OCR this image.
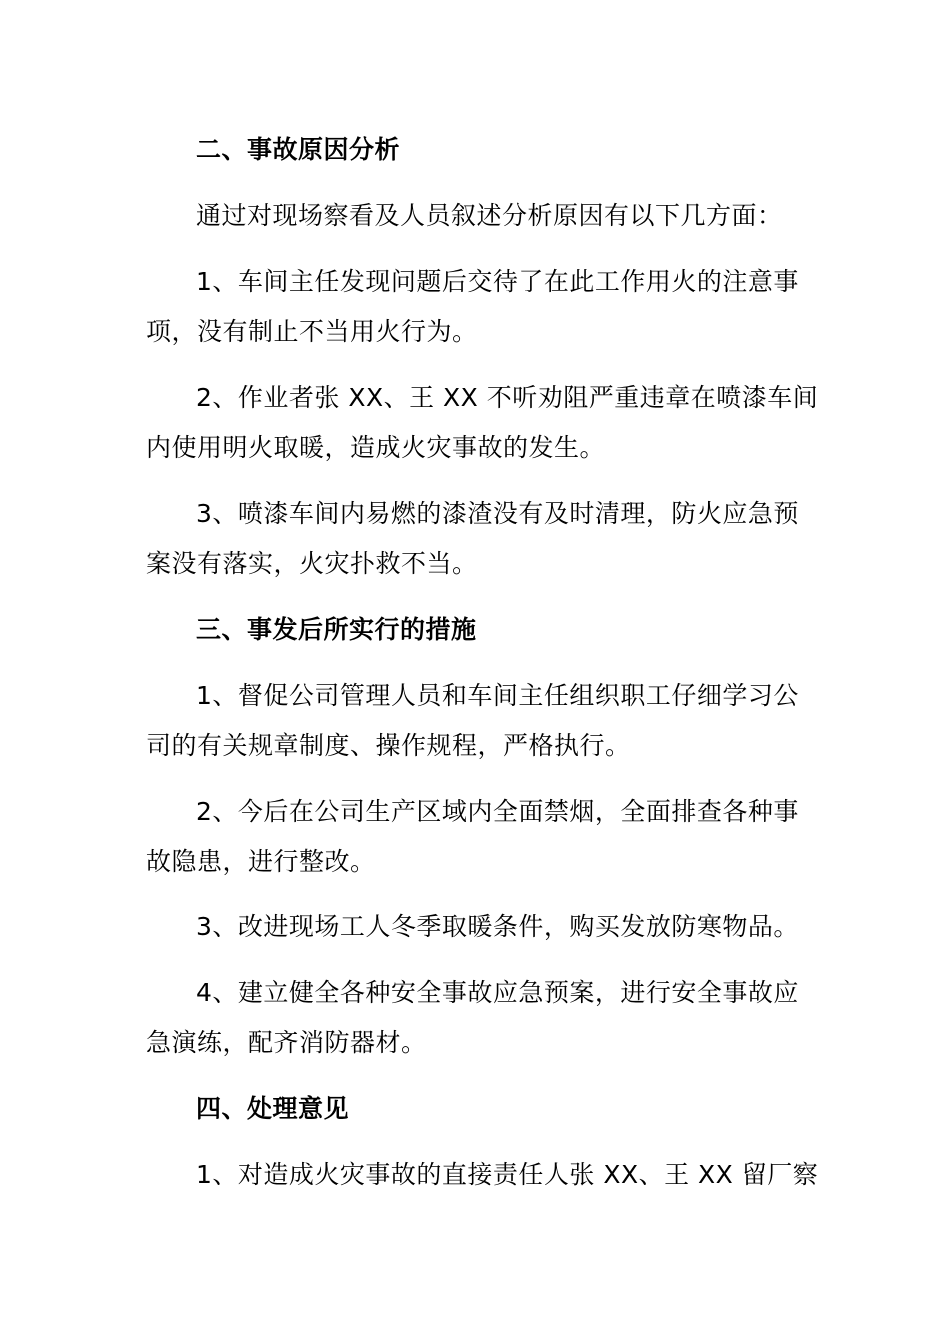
二、事故原因分析
通过对现场察看及人员叙述分析原因有以下几方面：
1、车间主任发现问题后交待了在此工作用火的注意事
项，没有制止不当用火行为。
2、作业者张 XX、王 XX 不听劝阻严重违章在喷漆车间
内使用明火取暖，造成火灾事故的发生。
3、喷漆车间内易燃的漆渣没有及时清理，防火应急预
案没有落实，火灾扑救不当。
三、事发后所实行的措施
1、督促公司管理人员和车间主任组织职工仔细学习公
司的有关规章制度、操作规程，严格执行。
2、今后在公司生产区域内全面禁烟，全面排查各种事
故隐患，进行整改。
3、改进现场工人冬季取暖条件，购买发放防寒物品。
4、建立健全各种安全事故应急预案，进行安全事故应
急演练，配齐消防器材。
四、处理意见
1、对造成火灾事故的直接责任人张 XX、王 XX 留厂察
